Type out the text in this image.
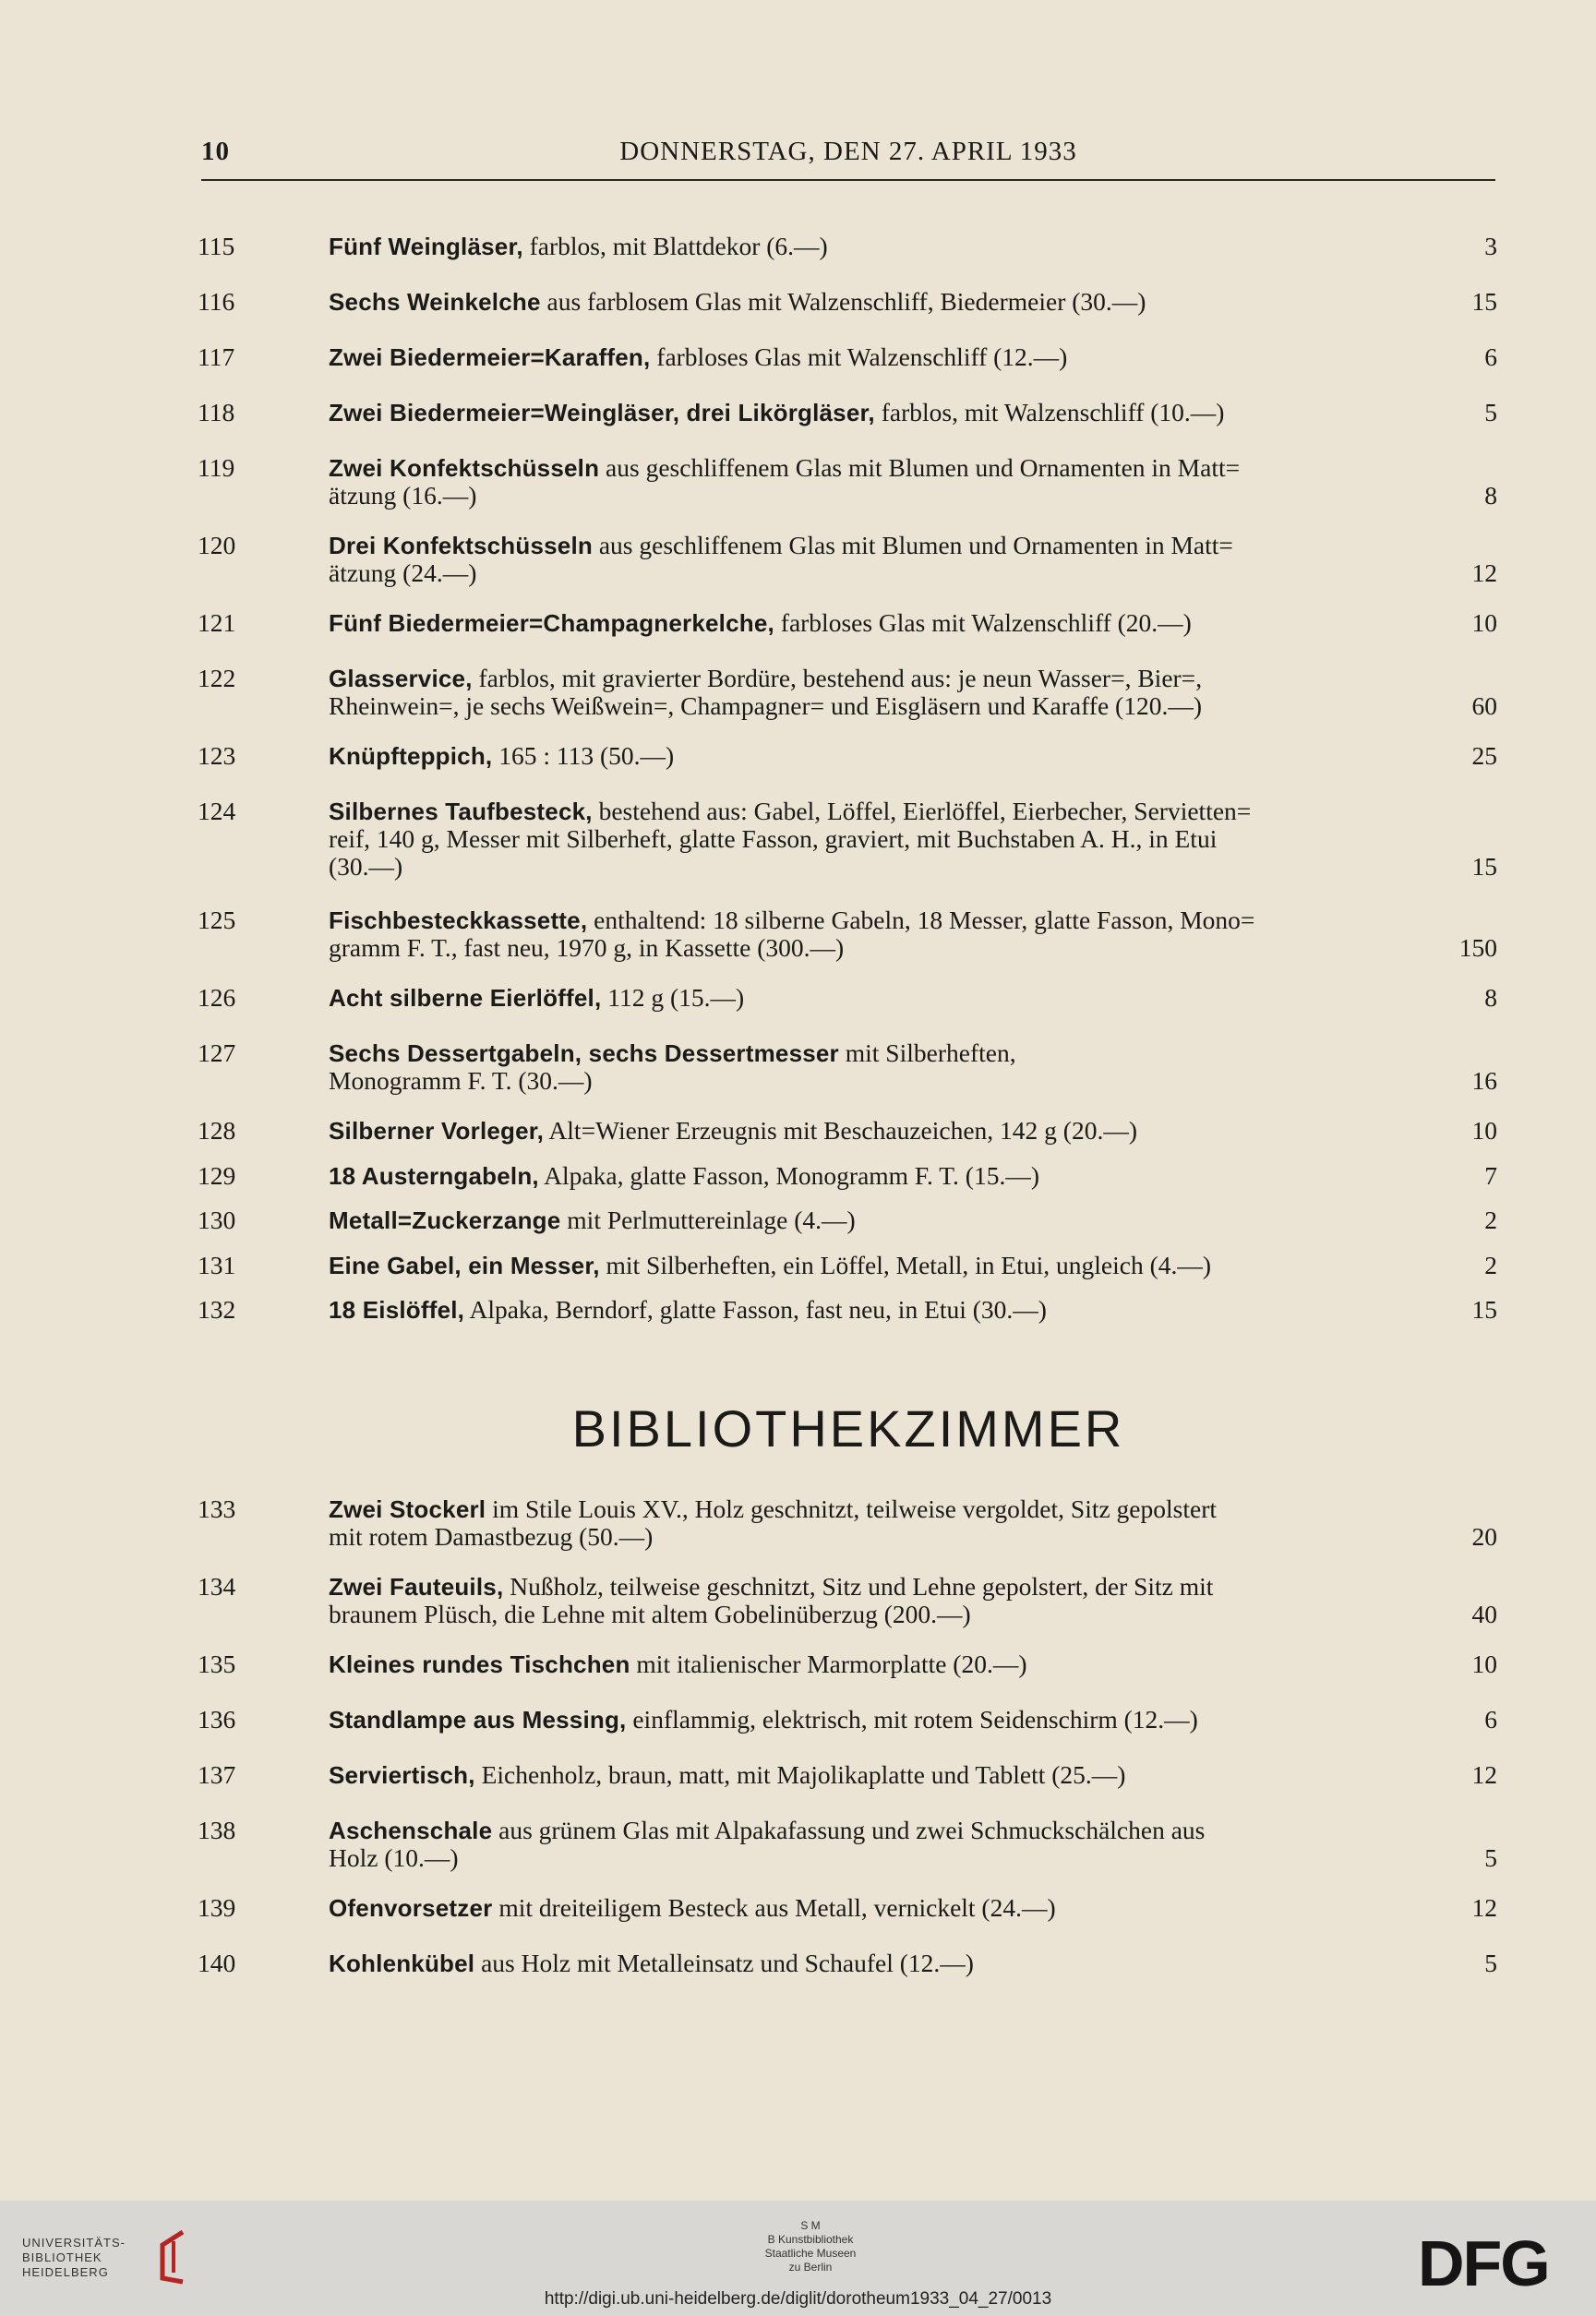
10	DONNERSTAG, DEN 27. APRIL 1933
115	Fünf Weingläser, farblos, mit Blattdekor (6.—)	3
116	Sechs Weinkelche aus farblosem Glas mit Walzenschliff, Biedermeier (30.—)	15
117	Zwei Biedermeier=Karaffen, farbloses Glas mit Walzenschliff (12.—)	6
118	Zwei Biedermeier=Weingläser, drei Likörgläser, farblos, mit Walzenschliff (10.—)	5
119	Zwei Konfektschüsseln aus geschliffenem Glas mit Blumen und Ornamenten in Matt=
ätzung (16.—)	8
120	Drei Konfektschüsseln aus geschliffenem Glas mit Blumen und Ornamenten in Matt=
ätzung (24.—)	12
121	Fünf Biedermeier=Champagnerkelche, farbloses Glas mit Walzenschliff (20.—)	10
122	Glasservice, farblos, mit gravierter Bordüre, bestehend aus: je neun Wasser=, Bier=,
Rheinwein=, je sechs Weißwein=, Champagner= und Eisgläsern und Karaffe (120.—)	60
123	Knüpfteppich, 165 : 113 (50.—)	25
124	Silbernes Taufbesteck, bestehend aus: Gabel, Löffel, Eierlöffel, Eierbecher, Servietten=
reif, 140 g, Messer mit Silberheft, glatte Fasson, graviert, mit Buchstaben A. H., in Etui
(30.—)	15
125	Fischbesteckkassette, enthaltend: 18 silberne Gabeln, 18 Messer, glatte Fasson, Mono=
gramm F. T., fast neu, 1970 g, in Kassette (300.—)	150
126	Acht silberne Eierlöffel, 112 g (15.—)	8
127	Sechs Dessertgabeln, sechs Dessertmesser mit Silberheften,
Monogramm F. T. (30.—)	16
128	Silberner Vorleger, Alt=Wiener Erzeugnis mit Beschauzeichen, 142 g (20.—)	10
129	18 Austerngabeln, Alpaka, glatte Fasson, Monogramm F. T. (15.—)	7
130	Metall=Zuckerzange mit Perlmuttereinlage (4.—)	2
131	Eine Gabel, ein Messer, mit Silberheften, ein Löffel, Metall, in Etui, ungleich (4.—)	2
132	18 Eislöffel, Alpaka, Berndorf, glatte Fasson, fast neu, in Etui (30.—)	15
BIBLIOTHEKZIMMER
133	Zwei Stockerl im Stile Louis XV., Holz geschnitzt, teilweise vergoldet, Sitz gepolstert
mit rotem Damastbezug (50.—)	20
134	Zwei Fauteuils, Nußholz, teilweise geschnitzt, Sitz und Lehne gepolstert, der Sitz mit
braunem Plüsch, die Lehne mit altem Gobelinüberzug (200.—)	40
135	Kleines rundes Tischchen mit italienischer Marmorplatte (20.—)	10
136	Standlampe aus Messing, einflammig, elektrisch, mit rotem Seidenschirm (12.—)	6
137	Serviertisch, Eichenholz, braun, matt, mit Majolikaplatte und Tablett (25.—)	12
138	Aschenschale aus grünem Glas mit Alpakafassung und zwei Schmuckschälchen aus
Holz (10.—)	5
139	Ofenvorsetzer mit dreiteiligem Besteck aus Metall, vernickelt (24.—)	12
140	Kohlenkübel aus Holz mit Metalleinsatz und Schaufel (12.—)	5
UNIVERSITÄTS-
BIBLIOTHEK
HEIDELBERG
S M
B Kunstbibliothek
Staatliche Museen
zu Berlin	DFG
http://digi.ub.uni-heidelberg.de/diglit/dorotheum1933_04_27/0013
